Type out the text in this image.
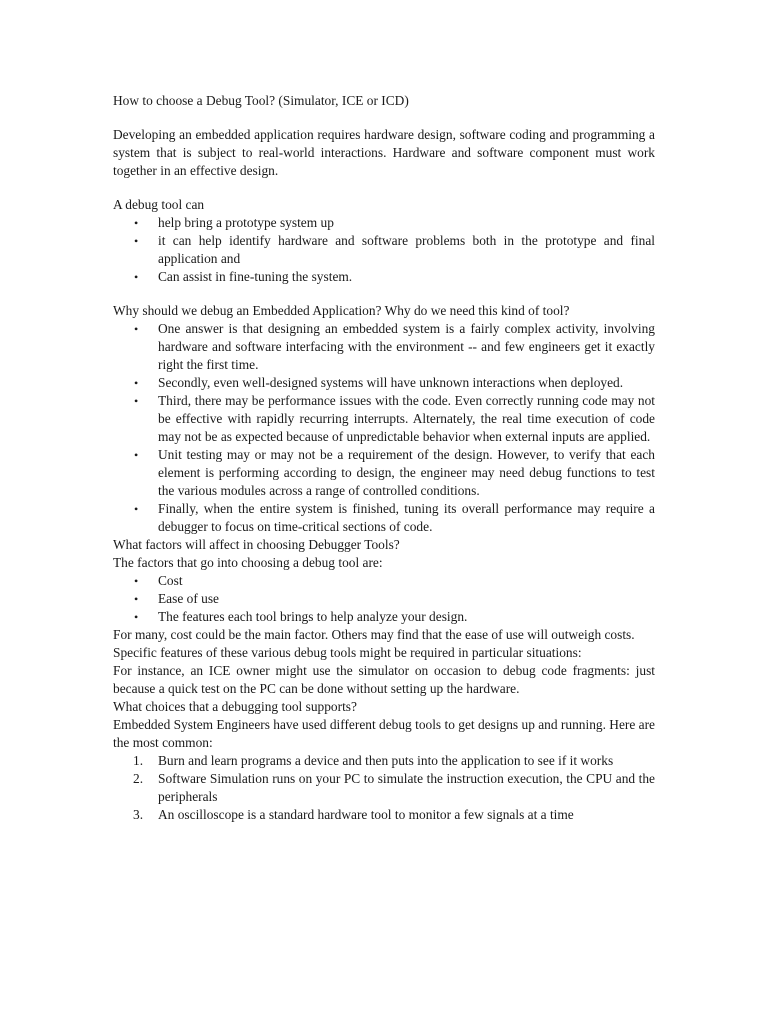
How to choose a Debug Tool? (Simulator, ICE or ICD)

Developing an embedded application requires hardware design, software coding and programming a system that is subject to real-world interactions. Hardware and software component must work together in an effective design.

A debug tool can

• help bring a prototype system up
• it can help identify hardware and software problems both in the prototype and final application and
• Can assist in fine-tuning the system.

Why should we debug an Embedded Application? Why do we need this kind of tool?

• One answer is that designing an embedded system is a fairly complex activity, involving hardware and software interfacing with the environment -- and few engineers get it exactly right the first time.
• Secondly, even well-designed systems will have unknown interactions when deployed.
• Third, there may be performance issues with the code. Even correctly running code may not be effective with rapidly recurring interrupts. Alternately, the real time execution of code may not be as expected because of unpredictable behavior when external inputs are applied.
• Unit testing may or may not be a requirement of the design. However, to verify that each element is performing according to design, the engineer may need debug functions to test the various modules across a range of controlled conditions.
• Finally, when the entire system is finished, tuning its overall performance may require a debugger to focus on time-critical sections of code.

What factors will affect in choosing Debugger Tools?

The factors that go into choosing a debug tool are:

• Cost
• Ease of use
• The features each tool brings to help analyze your design.

For many, cost could be the main factor. Others may find that the ease of use will outweigh costs.

Specific features of these various debug tools might be required in particular situations:

For instance, an ICE owner might use the simulator on occasion to debug code fragments: just because a quick test on the PC can be done without setting up the hardware.

What choices that a debugging tool supports?

Embedded System Engineers have used different debug tools to get designs up and running. Here are the most common:

1. Burn and learn programs a device and then puts into the application to see if it works
2. Software Simulation runs on your PC to simulate the instruction execution, the CPU and the peripherals
3. An oscilloscope is a standard hardware tool to monitor a few signals at a time
